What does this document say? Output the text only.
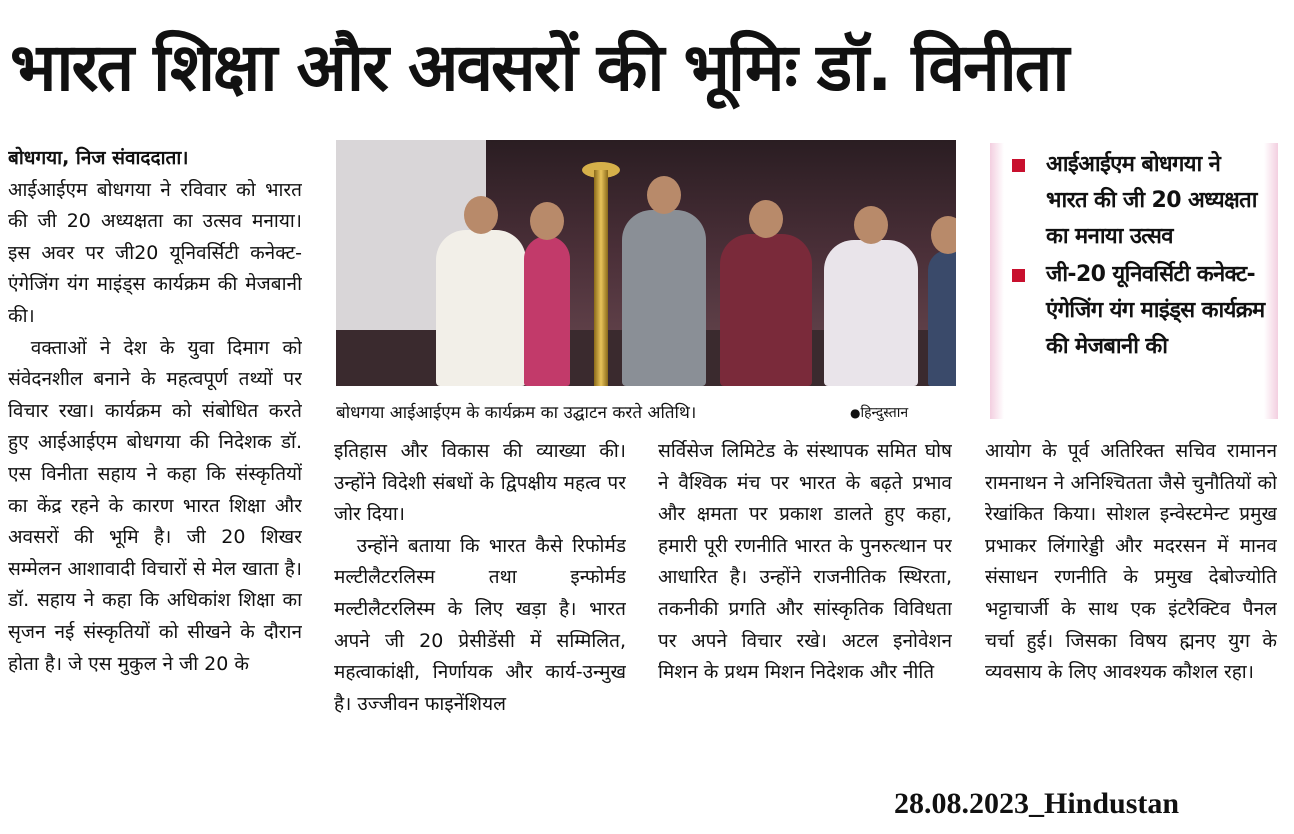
भारत शिक्षा और अवसरों की भूमिः डॉ. विनीता

बोधगया, निज संवाददाता।

आईआईएम बोधगया ने रविवार को भारत की जी 20 अध्यक्षता का उत्सव मनाया। इस अवर पर जी20 यूनिवर्सिटी कनेक्ट-एंगेजिंग यंग माइंड्स कार्यक्रम की मेजबानी की।

वक्ताओं ने देश के युवा दिमाग को संवेदनशील बनाने के महत्वपूर्ण तथ्यों पर विचार रखा। कार्यक्रम को संबोधित करते हुए आईआईएम बोधगया की निदेशक डॉ. एस विनीता सहाय ने कहा कि संस्कृतियों का केंद्र रहने के कारण भारत शिक्षा और अवसरों की भूमि है। जी 20 शिखर सम्मेलन आशावादी विचारों से मेल खाता है। डॉ. सहाय ने कहा कि अधिकांश शिक्षा का सृजन नई संस्कृतियों को सीखने के दौरान होता है। जे एस मुकुल ने जी 20 के

बोधगया आईआईएम के कार्यक्रम का उद्घाटन करते अतिथि।	●हिन्दुस्तान
आईआईएम बोधगया ने भारत की जी 20 अध्यक्षता का मनाया उत्सव
जी-20 यूनिवर्सिटी कनेक्ट-एंगेजिंग यंग माइंड्स कार्यक्रम की मेजबानी की

इतिहास और विकास की व्याख्या की। उन्होंने विदेशी संबधों के द्विपक्षीय महत्व पर जोर दिया।

उन्होंने बताया कि भारत कैसे रिफोर्मड मल्टीलैटरलिस्म तथा इन्फोर्मड मल्टीलैटरलिस्म के लिए खड़ा है। भारत अपने जी 20 प्रेसीडेंसी में सम्मिलित, महत्वाकांक्षी, निर्णायक और कार्य-उन्मुख है। उज्जीवन फाइनेंशियल

सर्विसेज लिमिटेड के संस्थापक समित घोष ने वैश्विक मंच पर भारत के बढ़ते प्रभाव और क्षमता पर प्रकाश डालते हुए कहा, हमारी पूरी रणनीति भारत के पुनरुत्थान पर आधारित है। उन्होंने राजनीतिक स्थिरता, तकनीकी प्रगति और सांस्कृतिक विविधता पर अपने विचार रखे। अटल इनोवेशन मिशन के प्रथम मिशन निदेशक और नीति

आयोग के पूर्व अतिरिक्त सचिव रामानन रामनाथन ने अनिश्चितता जैसे चुनौतियों को रेखांकित किया। सोशल इन्वेस्टमेन्ट प्रमुख प्रभाकर लिंगारेड्डी और मदरसन में मानव संसाधन रणनीति के प्रमुख देबोज्योति भट्टाचार्जी के साथ एक इंटरैक्टिव पैनल चर्चा हुई। जिसका विषय ह्मनए युग के व्यवसाय के लिए आवश्यक कौशल रहा।

28.08.2023_Hindustan
